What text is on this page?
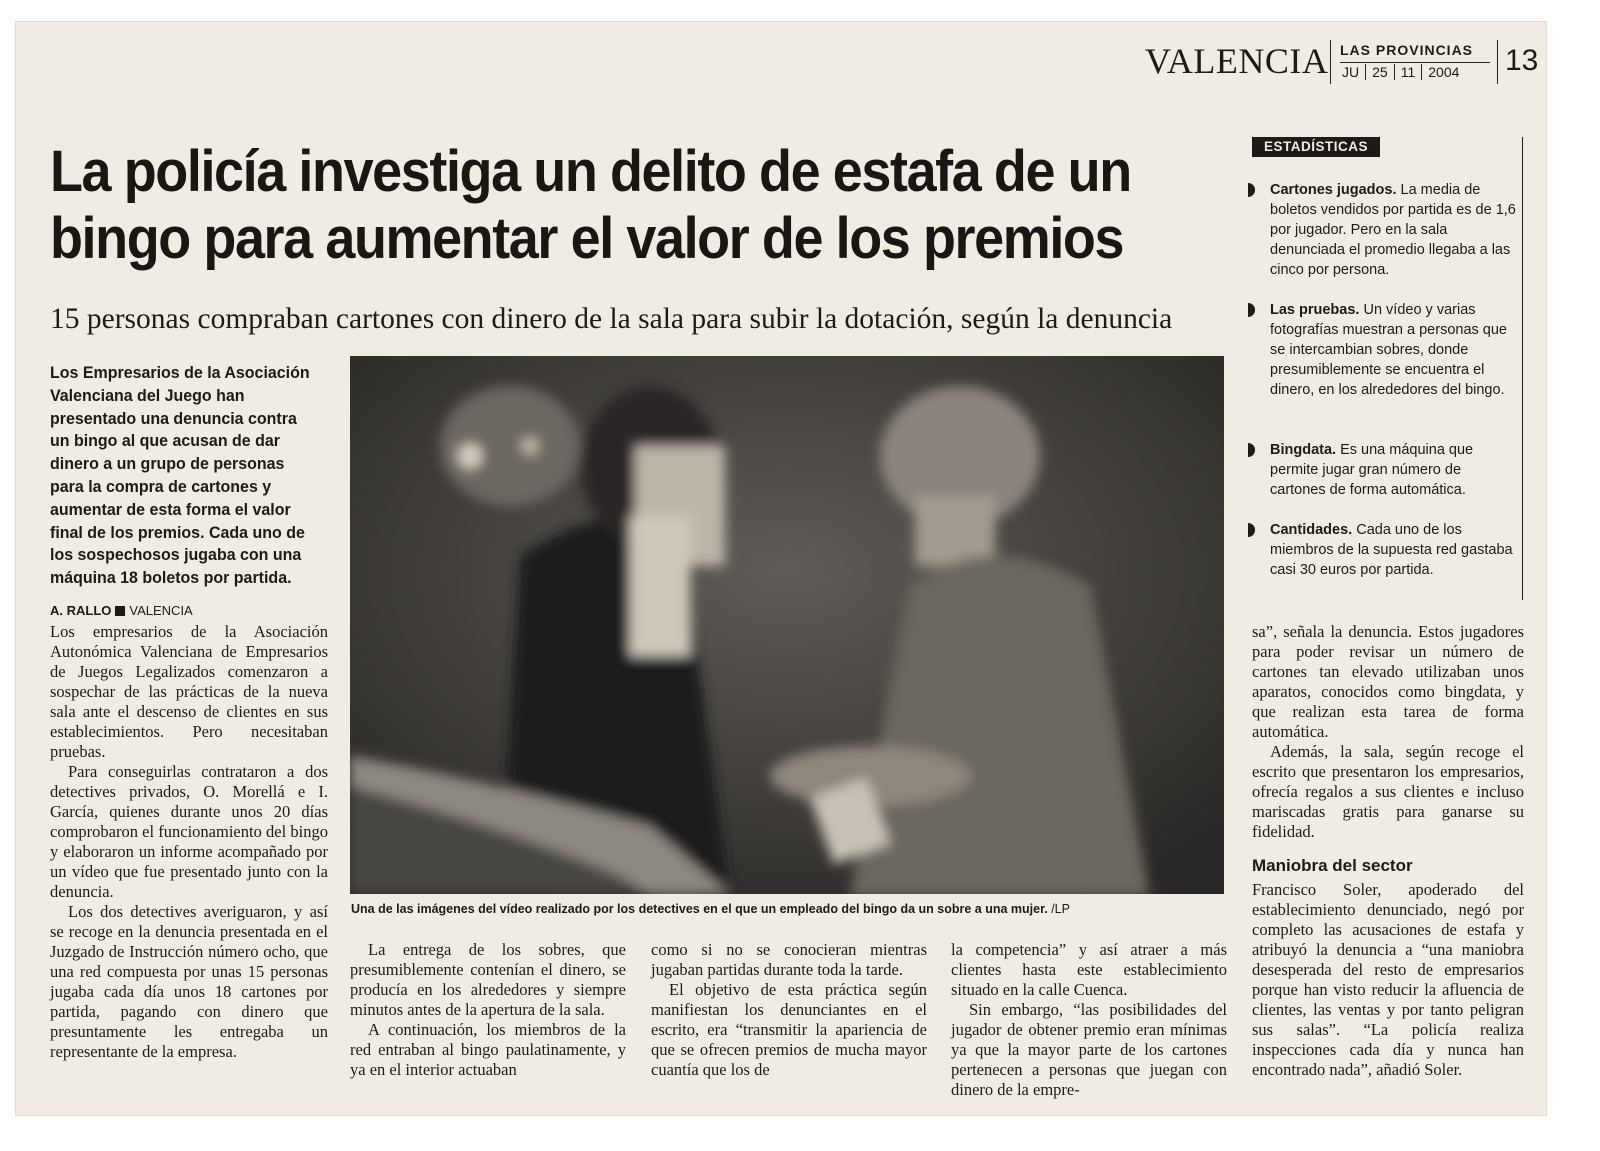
VALENCIA LAS PROVINCIAS
JU 25 11 2004 13
La policía investiga un delito de estafa de un bingo para aumentar el valor de los premios
15 personas compraban cartones con dinero de la sala para subir la dotación, según la denuncia
Los Empresarios de la Asociación Valenciana del Juego han presentado una denuncia contra un bingo al que acusan de dar dinero a un grupo de personas para la compra de cartones y aumentar de esta forma el valor final de los premios. Cada uno de los sospechosos jugaba con una máquina 18 boletos por partida.
A. RALLO VALENCIA

Los empresarios de la Asociación Autonómica Valenciana de Empresarios de Juegos Legalizados comenzaron a sospechar de las prácticas de la nueva sala ante el descenso de clientes en sus establecimientos. Pero necesitaban pruebas.

Para conseguirlas contrataron a dos detectives privados, O. Morellá e I. García, quienes durante unos 20 días comprobaron el funcionamiento del bingo y elaboraron un informe acompañado por un vídeo que fue presentado junto con la denuncia.

Los dos detectives averiguaron, y así se recoge en la denuncia presentada en el Juzgado de Instrucción número ocho, que una red compuesta por unas 15 personas jugaba cada día unos 18 cartones por partida, pagando con dinero que presuntamente les entregaba un representante de la empresa.

Una de las imágenes del vídeo realizado por los detectives en el que un empleado del bingo da un sobre a una mujer. /LP

La entrega de los sobres, que presumiblemente contenían el dinero, se producía en los alrededores y siempre minutos antes de la apertura de la sala.

A continuación, los miembros de la red entraban al bingo paulatinamente, y ya en el interior actuaban

como si no se conocieran mientras jugaban partidas durante toda la tarde.

El objetivo de esta práctica según manifiestan los denunciantes en el escrito, era “transmitir la apariencia de que se ofrecen premios de mucha mayor cuantía que los de

la competencia” y así atraer a más clientes hasta este establecimiento situado en la calle Cuenca.

Sin embargo, “las posibilidades del jugador de obtener premio eran mínimas ya que la mayor parte de los cartones pertenecen a personas que juegan con dinero de la empre-

sa”, señala la denuncia. Estos jugadores para poder revisar un número de cartones tan elevado utilizaban unos aparatos, conocidos como bingdata, y que realizan esta tarea de forma automática.

Además, la sala, según recoge el escrito que presentaron los empresarios, ofrecía regalos a sus clientes e incluso mariscadas gratis para ganarse su fidelidad.

Maniobra del sector

Francisco Soler, apoderado del establecimiento denunciado, negó por completo las acusaciones de estafa y atribuyó la denuncia a “una maniobra desesperada del resto de empresarios porque han visto reducir la afluencia de clientes, las ventas y por tanto peligran sus salas”. “La policía realiza inspecciones cada día y nunca han encontrado nada”, añadió Soler.

ESTADÍSTICAS
Cartones jugados. La media de boletos vendidos por partida es de 1,6 por jugador. Pero en la sala denunciada el promedio llegaba a las cinco por persona.
Las pruebas. Un vídeo y varias fotografías muestran a personas que se intercambian sobres, donde presumiblemente se encuentra el dinero, en los alrededores del bingo.
Bingdata. Es una máquina que permite jugar gran número de cartones de forma automática.
Cantidades. Cada uno de los miembros de la supuesta red gastaba casi 30 euros por partida.
